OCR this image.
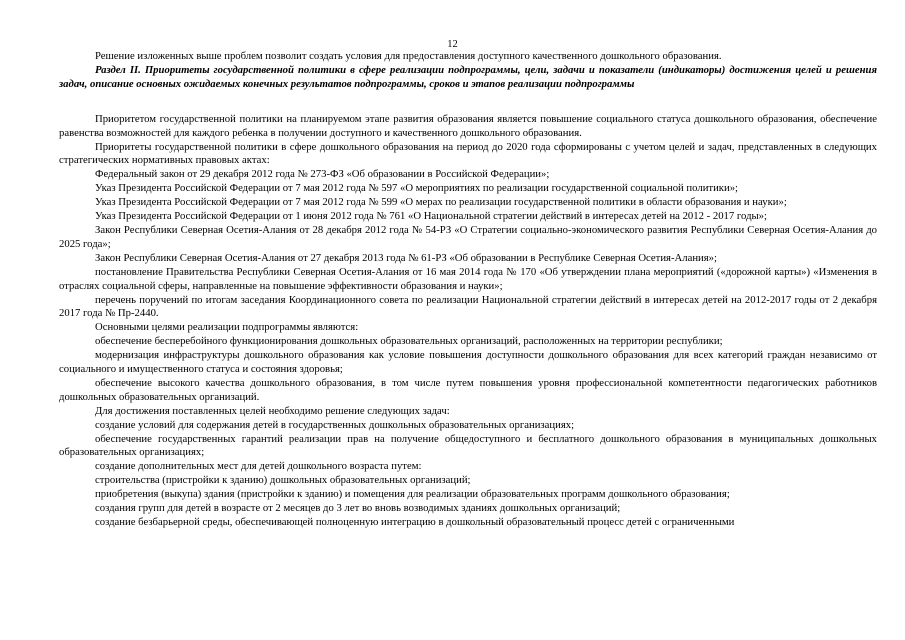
12

Решение изложенных выше проблем позволит создать условия для предоставления доступного качественного дошкольного образования.

Раздел II. Приоритеты государственной политики в сфере реализации подпрограммы, цели, задачи и показатели (индикаторы) достижения целей и решения задач, описание основных ожидаемых конечных результатов подпрограммы, сроков и этапов реализации подпрограммы

Приоритетом государственной политики на планируемом этапе развития образования является повышение социального статуса дошкольного образования, обеспечение равенства возможностей для каждого ребенка в получении доступного и качественного дошкольного образования.

Приоритеты государственной политики в сфере дошкольного образования на период до 2020 года сформированы с учетом целей и задач, представленных в следующих стратегических нормативных правовых актах:

Федеральный закон от 29 декабря 2012 года № 273-ФЗ «Об образовании в Российской Федерации»;

Указ Президента Российской Федерации от 7 мая 2012 года № 597 «О мероприятиях по реализации государственной социальной политики»;

Указ Президента Российской Федерации от 7 мая 2012 года № 599 «О мерах по реализации государственной политики в области образования и науки»;

Указ Президента Российской Федерации от 1 июня 2012 года № 761 «О Национальной стратегии действий в интересах детей на 2012 - 2017 годы»;

Закон Республики Северная Осетия-Алания от 28 декабря 2012 года № 54-РЗ «О Стратегии социально-экономического развития Республики Северная Осетия-Алания до 2025 года»;

Закон Республики Северная Осетия-Алания от 27 декабря 2013 года № 61-РЗ «Об образовании в Республике Северная Осетия-Алания»;

постановление Правительства Республики Северная Осетия-Алания от 16 мая 2014 года № 170 «Об утверждении плана мероприятий («дорожной карты») «Изменения в отраслях социальной сферы, направленные на повышение эффективности образования и науки»;

перечень поручений по итогам заседания Координационного совета по реализации Национальной стратегии действий в интересах детей на 2012-2017 годы от 2 декабря 2017 года № Пр-2440.

Основными целями реализации подпрограммы являются:

обеспечение бесперебойного функционирования дошкольных образовательных организаций, расположенных на территории республики;

модернизация инфраструктуры дошкольного образования как условие повышения доступности дошкольного образования для всех категорий граждан независимо от социального и имущественного статуса и состояния здоровья;

обеспечение высокого качества дошкольного образования, в том числе путем повышения уровня профессиональной компетентности педагогических работников дошкольных образовательных организаций.

Для достижения поставленных целей необходимо решение следующих задач:

создание условий для содержания детей в государственных дошкольных образовательных организациях;

обеспечение государственных гарантий реализации прав на получение общедоступного и бесплатного дошкольного образования в муниципальных дошкольных образовательных организациях;

создание дополнительных мест для детей дошкольного возраста путем:

строительства (пристройки к зданию) дошкольных образовательных организаций;

приобретения (выкупа) здания (пристройки к зданию) и помещения для реализации образовательных программ дошкольного образования;

создания групп для детей в возрасте от 2 месяцев до 3 лет во вновь возводимых зданиях дошкольных организаций;

создание безбарьерной среды, обеспечивающей полноценную интеграцию в дошкольный образовательный процесс детей с ограниченными
